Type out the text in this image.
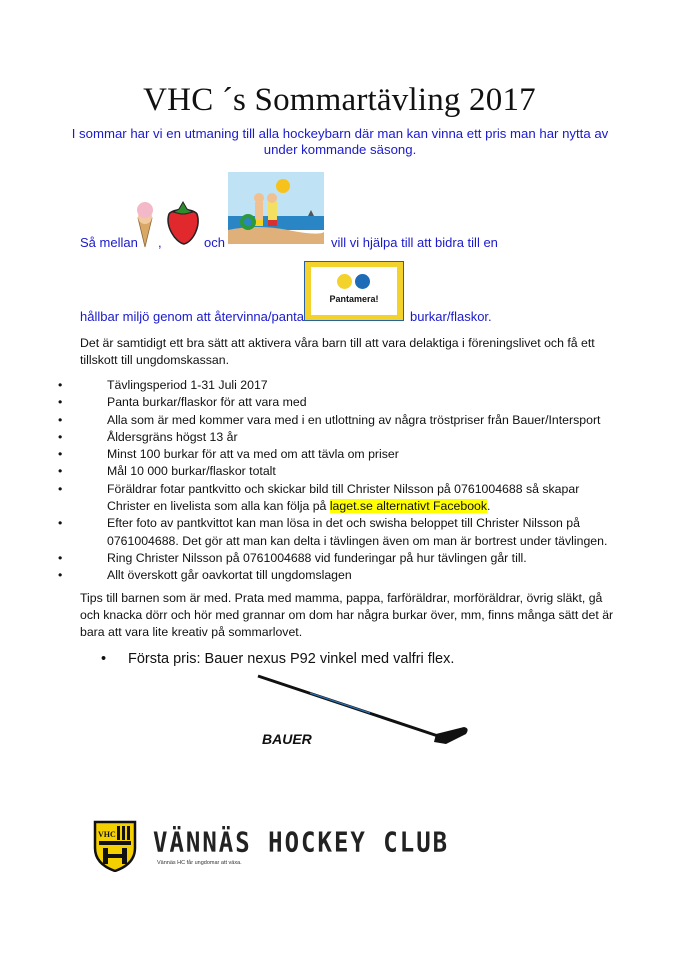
VHC ´s Sommartävling 2017
I sommar har vi en utmaning till alla hockeybarn där man kan vinna ett pris man har nytta av under kommande säsong.
Så mellan ,	och	vill vi hjälpa till att bidra till en
hållbar miljö genom att återvinna/panta
Pantamera!
burkar/flaskor.
Det är samtidigt ett bra sätt att aktivera våra barn till att vara delaktiga i föreningslivet och få ett tillskott till ungdomskassan.
• Tävlingsperiod 1-31 Juli 2017
• Panta burkar/flaskor för att vara med
• Alla som är med kommer vara med i en utlottning av några tröstpriser från Bauer/Intersport
• Åldersgräns högst 13 år
• Minst 100 burkar för att va med om att tävla om priser
• Mål 10 000 burkar/flaskor totalt
• Föräldrar fotar pantkvitto och skickar bild till Christer Nilsson på 0761004688 så skapar Christer en livelista som alla kan följa på laget.se alternativt Facebook.
• Efter foto av pantkvittot kan man lösa in det och swisha beloppet till Christer Nilsson på 0761004688. Det gör att man kan delta i tävlingen även om man är bortrest under tävlingen.
• Ring Christer Nilsson på 0761004688 vid funderingar på hur tävlingen går till.
• Allt överskott går oavkortat till ungdomslagen
Tips till barnen som är med. Prata med mamma, pappa, farföräldrar, morföräldrar, övrig släkt, gå och knacka dörr och hör med grannar om dom har några burkar över, mm, finns många sätt det är bara att vara lite kreativ på sommarlovet.
• Första pris: Bauer nexus P92 vinkel med valfri flex.
BAUER
VHC VÄNNÄS HOCKEY CLUB
Vännäs HC får ungdomar att växa.
